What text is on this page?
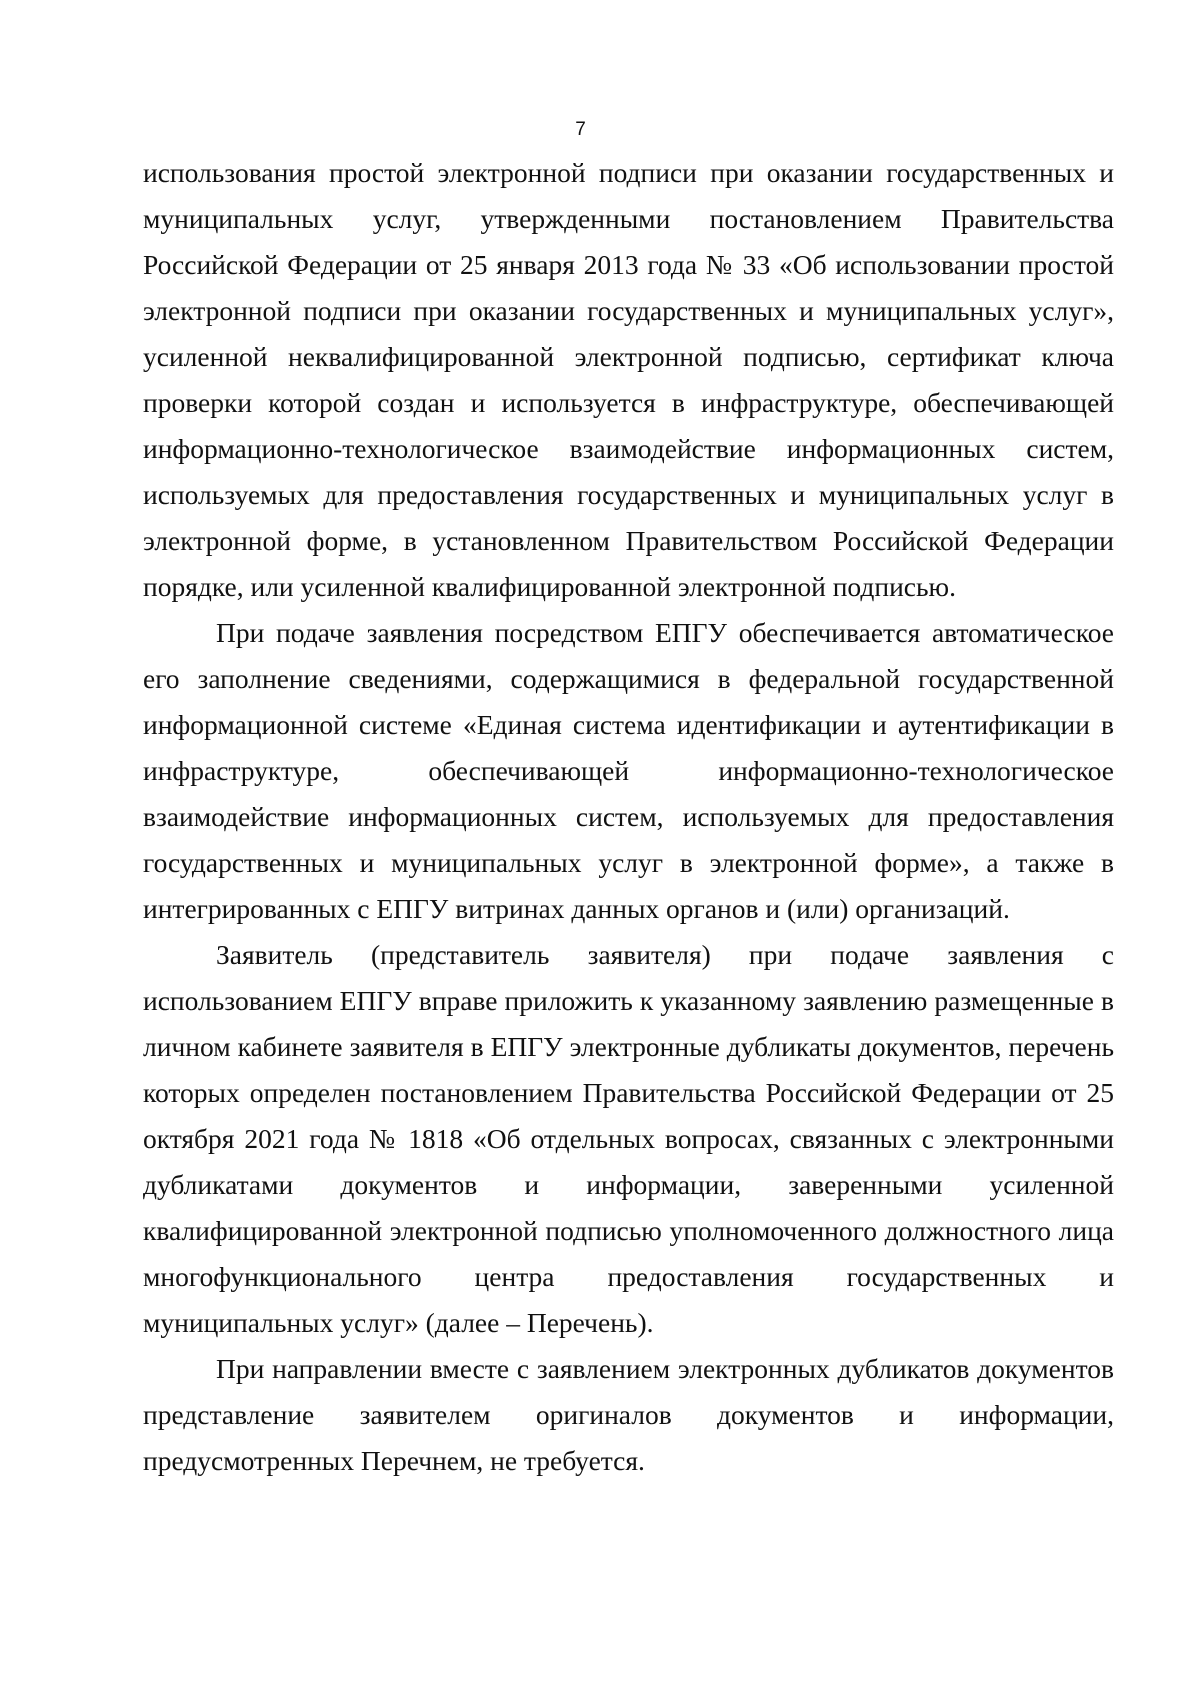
7

использования простой электронной подписи при оказании государственных и муниципальных услуг, утвержденными постановлением Правительства Российской Федерации от 25 января 2013 года № 33 «Об использовании простой электронной подписи при оказании государственных и муниципальных услуг», усиленной неквалифицированной электронной подписью, сертификат ключа проверки которой создан и используется в инфраструктуре, обеспечивающей информационно-технологическое взаимодействие информационных систем, используемых для предоставления государственных и муниципальных услуг в электронной форме, в установленном Правительством Российской Федерации порядке, или усиленной квалифицированной электронной подписью.

При подаче заявления посредством ЕПГУ обеспечивается автоматическое его заполнение сведениями, содержащимися в федеральной государственной информационной системе «Единая система идентификации и аутентификации в инфраструктуре, обеспечивающей информационно-технологическое взаимодействие информационных систем, используемых для предоставления государственных и муниципальных услуг в электронной форме», а также в интегрированных с ЕПГУ витринах данных органов и (или) организаций.

Заявитель (представитель заявителя) при подаче заявления с использованием ЕПГУ вправе приложить к указанному заявлению размещенные в личном кабинете заявителя в ЕПГУ электронные дубликаты документов, перечень которых определен постановлением Правительства Российской Федерации от 25 октября 2021 года № 1818 «Об отдельных вопросах, связанных с электронными дубликатами документов и информации, заверенными усиленной квалифицированной электронной подписью уполномоченного должностного лица многофункционального центра предоставления государственных и муниципальных услуг» (далее – Перечень).

При направлении вместе с заявлением электронных дубликатов документов представление заявителем оригиналов документов и информации, предусмотренных Перечнем, не требуется.
